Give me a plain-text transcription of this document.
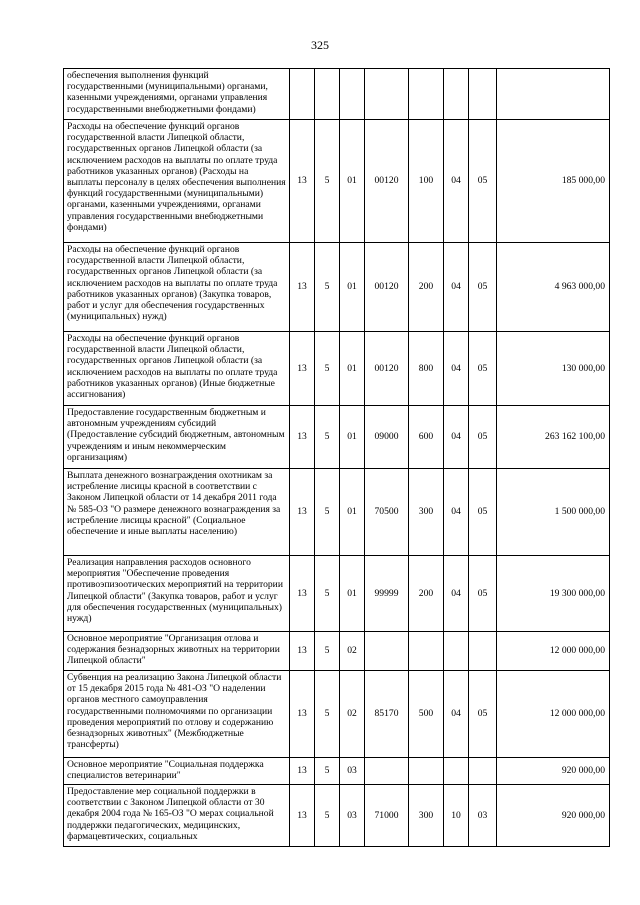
325
обеспечения выполнения функций государственными (муниципальными) органами, казенными учреждениями, органами управления государственными внебюджетными фондами)								
Расходы на обеспечение функций органов государственной власти Липецкой области, государственных органов Липецкой области (за исключением расходов на выплаты по оплате труда работников указанных органов) (Расходы на выплаты персоналу в целях обеспечения выполнения функций государственными (муниципальными) органами, казенными учреждениями, органами управления государственными внебюджетными фондами)	13	5	01	00120	100	04	05	185 000,00
Расходы на обеспечение функций органов государственной власти Липецкой области, государственных органов Липецкой области (за исключением расходов на выплаты по оплате труда работников указанных органов) (Закупка товаров, работ и услуг для обеспечения государственных (муниципальных) нужд)	13	5	01	00120	200	04	05	4 963 000,00
Расходы на обеспечение функций органов государственной власти Липецкой области, государственных органов Липецкой области (за исключением расходов на выплаты по оплате труда работников указанных органов) (Иные бюджетные ассигнования)	13	5	01	00120	800	04	05	130 000,00
Предоставление государственным бюджетным и автономным учреждениям субсидий (Предоставление субсидий бюджетным, автономным учреждениям и иным некоммерческим организациям)	13	5	01	09000	600	04	05	263 162 100,00
Выплата денежного вознаграждения охотникам за истребление лисицы красной в соответствии с Законом Липецкой области от 14 декабря 2011 года № 585-ОЗ "О размере денежного вознаграждения за истребление лисицы красной" (Социальное обеспечение и иные выплаты населению)	13	5	01	70500	300	04	05	1 500 000,00
Реализация направления расходов основного мероприятия "Обеспечение проведения противоэпизоотических мероприятий на территории Липецкой области" (Закупка товаров, работ и услуг для обеспечения государственных (муниципальных) нужд)	13	5	01	99999	200	04	05	19 300 000,00
Основное мероприятие "Организация отлова и содержания безнадзорных животных на территории Липецкой области"	13	5	02					12 000 000,00
Субвенция на реализацию Закона Липецкой области от 15 декабря 2015 года № 481-ОЗ "О наделении органов местного самоуправления государственными полномочиями по организации проведения мероприятий по отлову и содержанию безнадзорных животных" (Межбюджетные трансферты)	13	5	02	85170	500	04	05	12 000 000,00
Основное мероприятие "Социальная поддержка специалистов ветеринарии"	13	5	03					920 000,00
Предоставление мер социальной поддержки в соответствии с Законом Липецкой области от 30 декабря 2004 года № 165-ОЗ "О мерах социальной поддержки педагогических, медицинских, фармацевтических, социальных	13	5	03	71000	300	10	03	920 000,00
